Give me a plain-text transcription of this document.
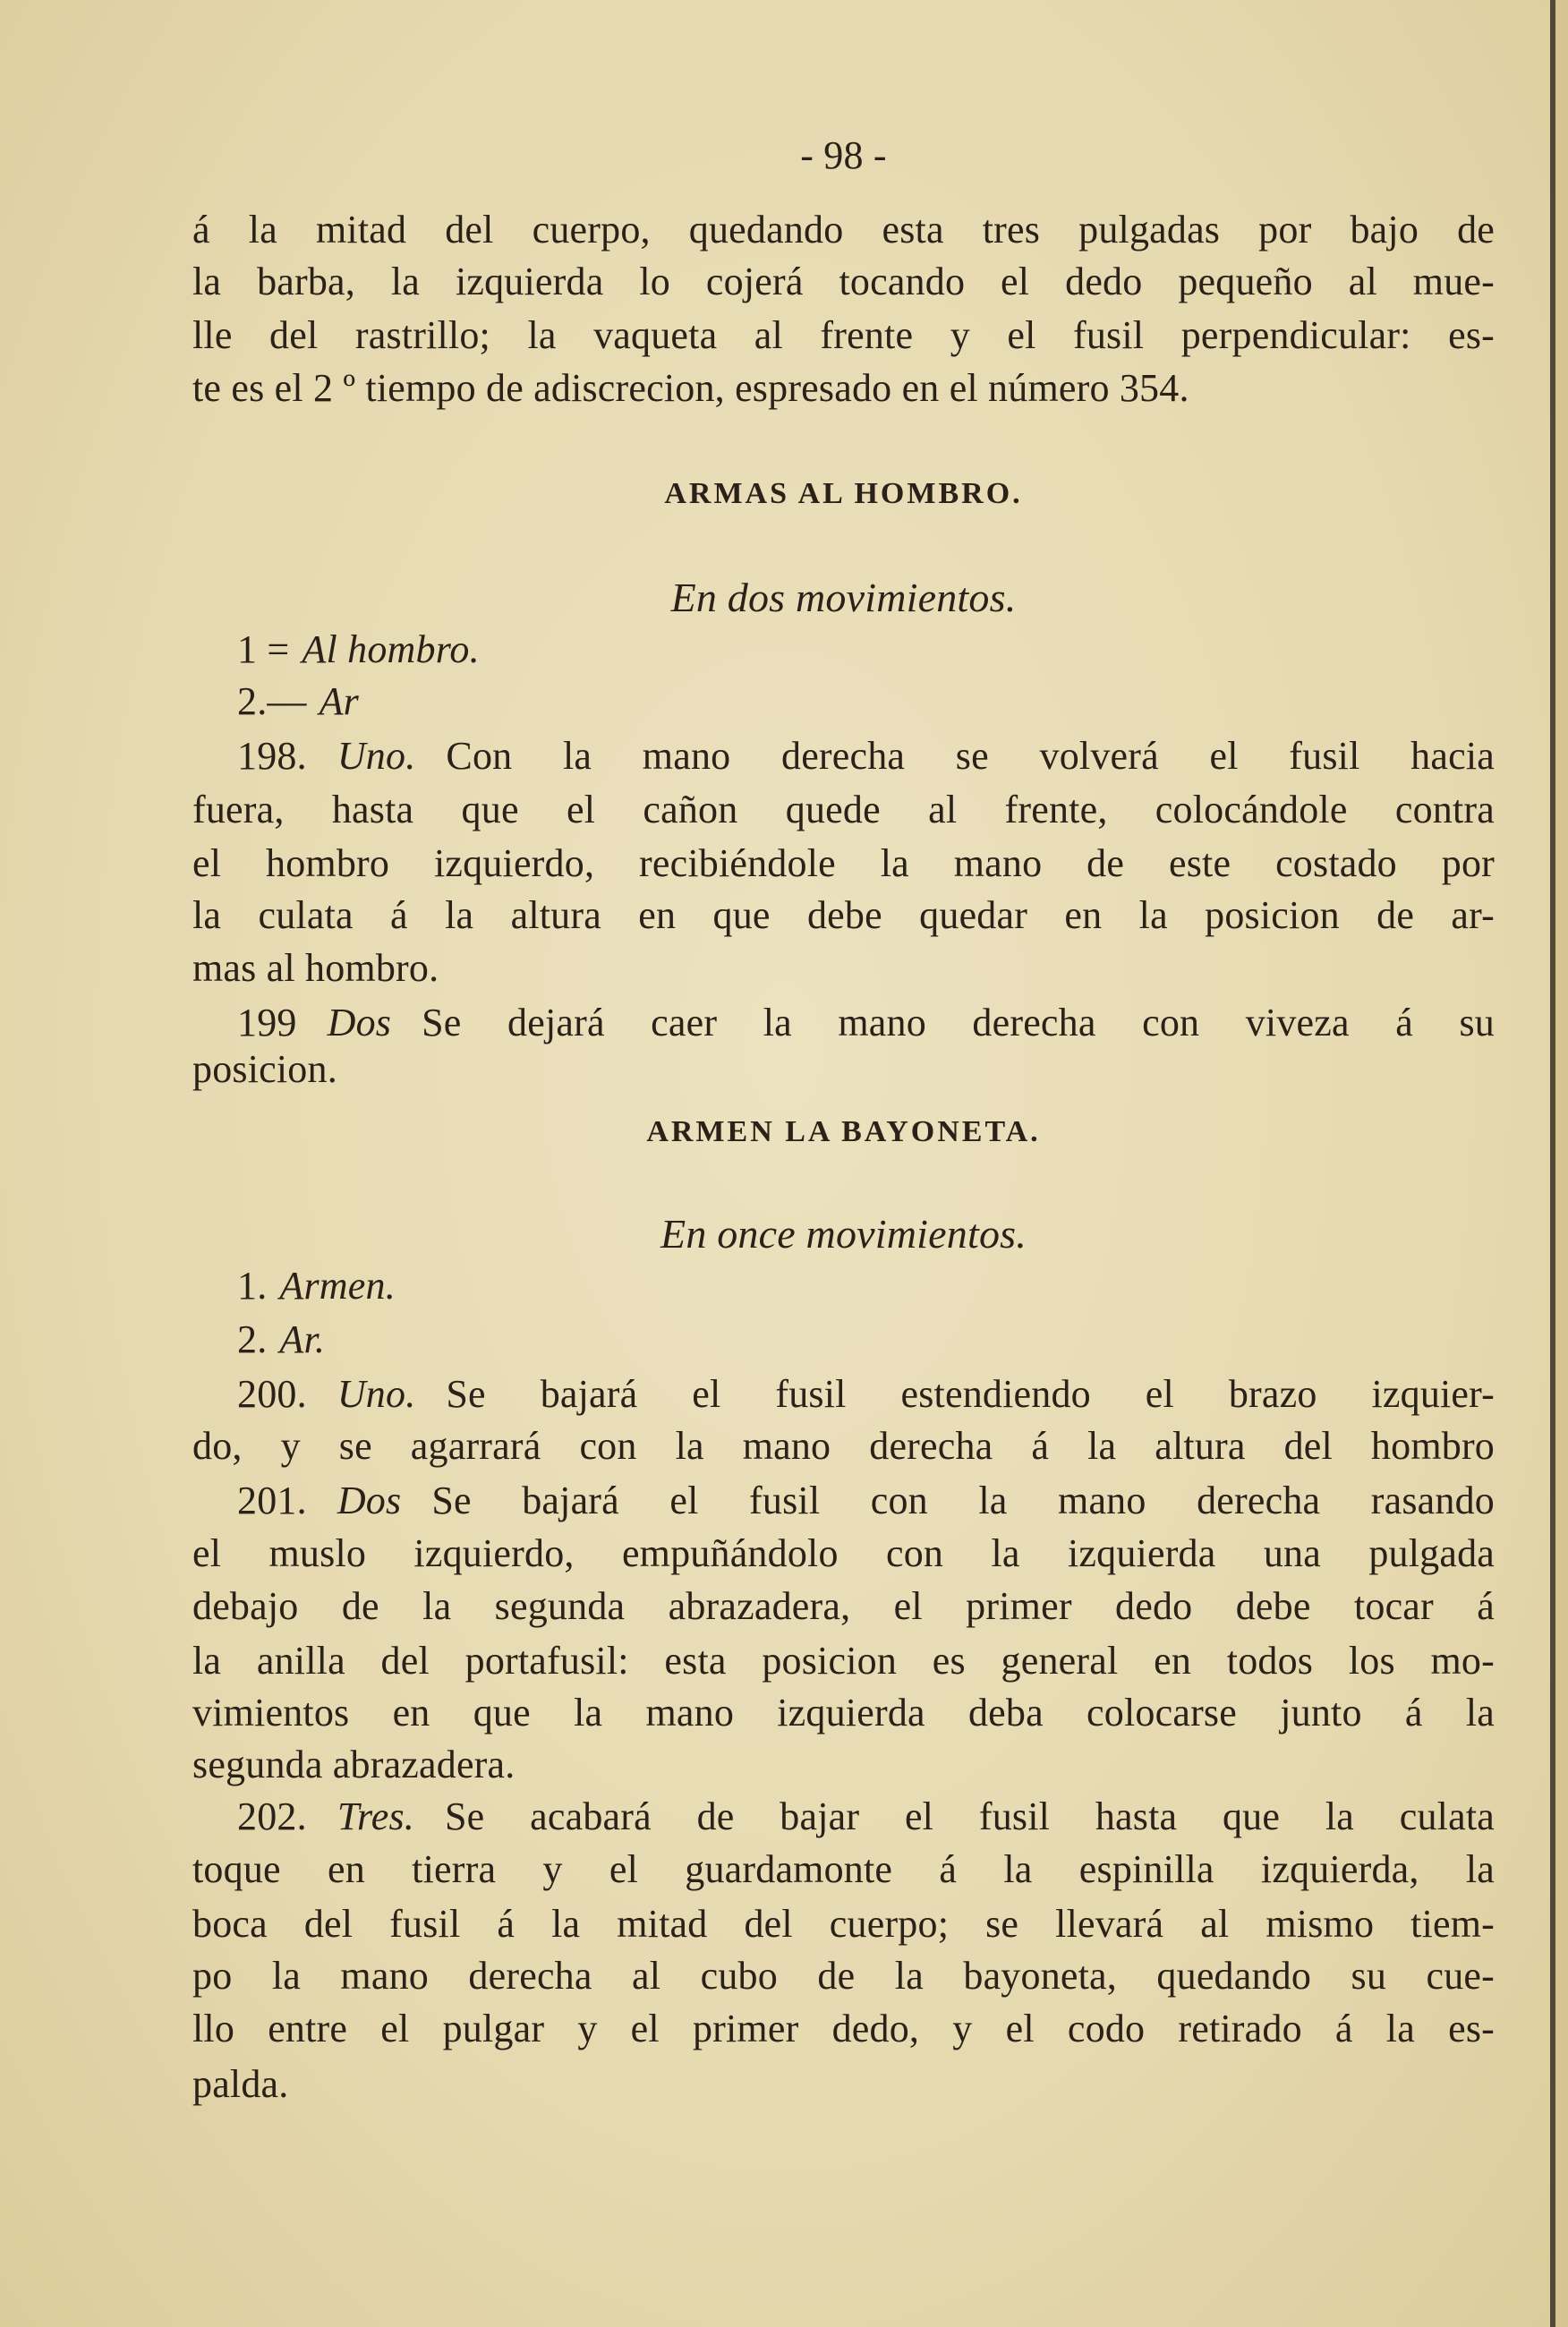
- 98 -
á la mitad del cuerpo, quedando esta tres pulgadas por bajo de
la barba, la izquierda lo cojerá tocando el dedo pequeño al mue-
lle del rastrillo; la vaqueta al frente y el fusil perpendicular: es-
te es el 2 º tiempo de adiscrecion, espresado en el número 354.
ARMAS AL HOMBRO.
En dos movimientos.
1 = Al hombro.
2.— Ar
198. Uno. Con la mano derecha se volverá el fusil hacia
fuera, hasta que el cañon quede al frente, colocándole contra
el hombro izquierdo, recibiéndole la mano de este costado por
la culata á la altura en que debe quedar en la posicion de ar-
mas al hombro.
199 Dos Se dejará caer la mano derecha con viveza á su
posicion.
ARMEN LA BAYONETA.
En once movimientos.
1. Armen.
2. Ar.
200. Uno. Se bajará el fusil estendiendo el brazo izquier-
do, y se agarrará con la mano derecha á la altura del hombro
201. Dos Se bajará el fusil con la mano derecha rasando
el muslo izquierdo, empuñándolo con la izquierda una pulgada
debajo de la segunda abrazadera, el primer dedo debe tocar á
la anilla del portafusil: esta posicion es general en todos los mo-
vimientos en que la mano izquierda deba colocarse junto á la
segunda abrazadera.
202. Tres. Se acabará de bajar el fusil hasta que la culata
toque en tierra y el guardamonte á la espinilla izquierda, la
boca del fusil á la mitad del cuerpo; se llevará al mismo tiem-
po la mano derecha al cubo de la bayoneta, quedando su cue-
llo entre el pulgar y el primer dedo, y el codo retirado á la es-
palda.
